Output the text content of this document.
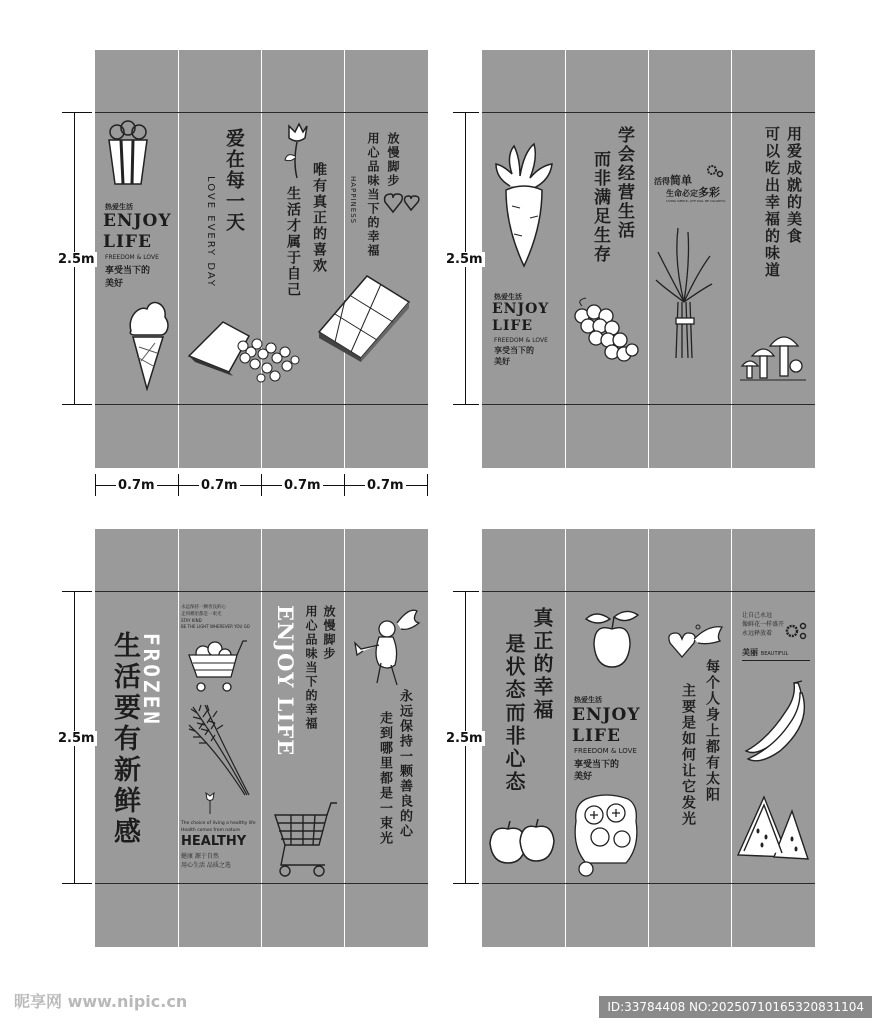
热爱生活
ENJOY
LIFE
FREEDOM & LOVE
享受当下的
美好
爱在每一天
LOVE EVERY DAY	唯有真正的喜欢
生活才属于自己
放慢脚步
用心品味当下的幸福
HAPPINESS
热爱生活
ENJOY
LIFE
FREEDOM & LOVE
享受当下的
美好
学会经营生活
而非满足生存	活得简单
生命必定多彩
LIVING SIMPLE, LIFE WILL BE COLORFUL	用爱成就的美食
可以吃出幸福的味道
生活要有新鲜感 FROZEN
永远保持一颗善良的心
走到哪里都是一束光
STAY KIND
BE THE LIGHT WHEREVER YOU GO
The choice of living a healthy life
Health comes from nature
HEALTHY
健康 源于自然
用心生活 品质之选
放慢脚步
用心品味当下的幸福
ENJOY LIFE
永远保持一颗善良的心
走到哪里都是一束光
真正的幸福
是状态而非心态	热爱生活
ENJOY
LIFE
FREEDOM & LOVE
享受当下的
美好	每个人身上都有太阳
主要是如何让它发光
让自己永远
像鲜花一样盛开
永远释放着
美丽 BEAUTIFUL
2.5m	2.5m
2.5m	2.5m
0.7m	0.7m	0.7m	0.7m
昵享网 www.nipic.cn	ID:33784408 NO:20250710165320831104
